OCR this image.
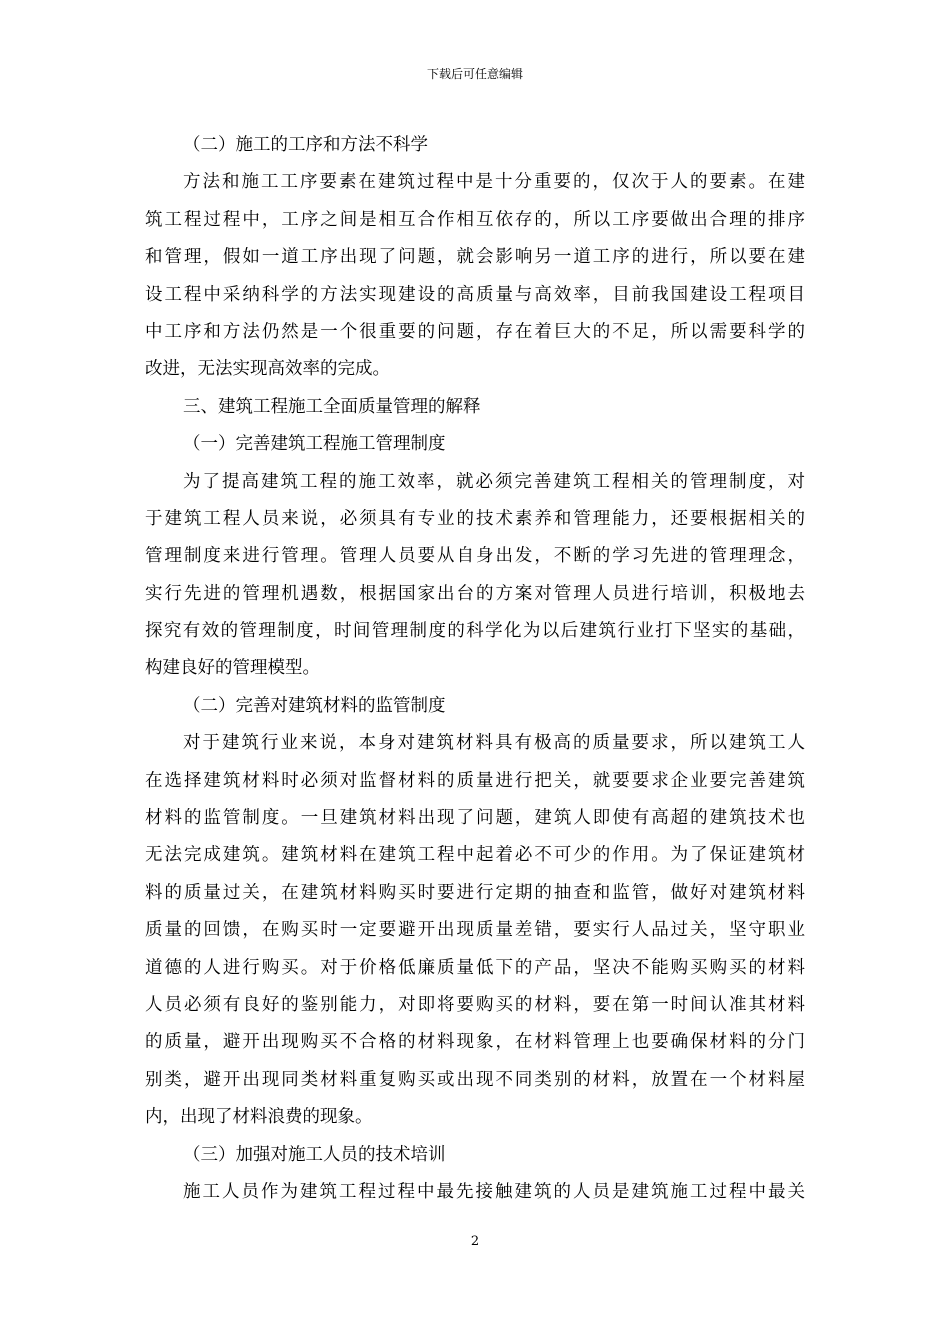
下载后可任意编辑
（二）施工的工序和方法不科学
方法和施工工序要素在建筑过程中是十分重要的，仅次于人的要素。在建
筑工程过程中，工序之间是相互合作相互依存的，所以工序要做出合理的排序
和管理，假如一道工序出现了问题，就会影响另一道工序的进行，所以要在建
设工程中采纳科学的方法实现建设的高质量与高效率，目前我国建设工程项目
中工序和方法仍然是一个很重要的问题，存在着巨大的不足，所以需要科学的
改进，无法实现高效率的完成。
三、建筑工程施工全面质量管理的解释
（一）完善建筑工程施工管理制度
为了提高建筑工程的施工效率，就必须完善建筑工程相关的管理制度，对
于建筑工程人员来说，必须具有专业的技术素养和管理能力，还要根据相关的
管理制度来进行管理。管理人员要从自身出发，不断的学习先进的管理理念，
实行先进的管理机遇数，根据国家出台的方案对管理人员进行培训，积极地去
探究有效的管理制度，时间管理制度的科学化为以后建筑行业打下坚实的基础，
构建良好的管理模型。
（二）完善对建筑材料的监管制度
对于建筑行业来说，本身对建筑材料具有极高的质量要求，所以建筑工人
在选择建筑材料时必须对监督材料的质量进行把关，就要要求企业要完善建筑
材料的监管制度。一旦建筑材料出现了问题，建筑人即使有高超的建筑技术也
无法完成建筑。建筑材料在建筑工程中起着必不可少的作用。为了保证建筑材
料的质量过关，在建筑材料购买时要进行定期的抽查和监管，做好对建筑材料
质量的回馈，在购买时一定要避开出现质量差错，要实行人品过关，坚守职业
道德的人进行购买。对于价格低廉质量低下的产品，坚决不能购买购买的材料
人员必须有良好的鉴别能力，对即将要购买的材料，要在第一时间认准其材料
的质量，避开出现购买不合格的材料现象，在材料管理上也要确保材料的分门
别类，避开出现同类材料重复购买或出现不同类别的材料，放置在一个材料屋
内，出现了材料浪费的现象。
（三）加强对施工人员的技术培训
施工人员作为建筑工程过程中最先接触建筑的人员是建筑施工过程中最关
2
